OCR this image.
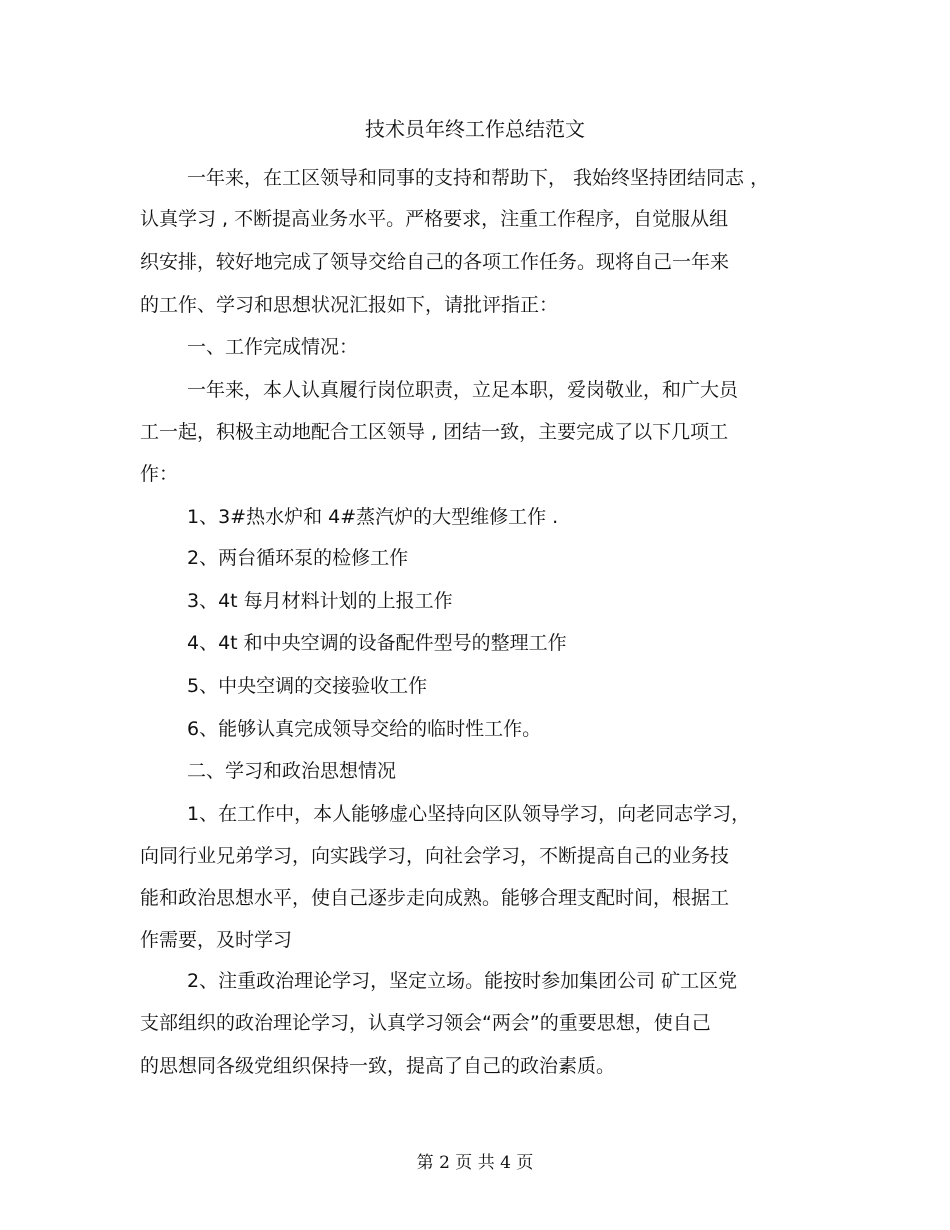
技术员年终工作总结范文
一年来，在工区领导和同事的支持和帮助下， 我始终坚持团结同志 ，
认真学习 , 不断提高业务水平。严格要求，注重工作程序，自觉服从组
织安排，较好地完成了领导交给自己的各项工作任务。现将自己一年来
的工作、学习和思想状况汇报如下，请批评指正：
一、工作完成情况：
一年来，本人认真履行岗位职责，立足本职，爱岗敬业，和广大员
工一起，积极主动地配合工区领导 , 团结一致，主要完成了以下几项工
作：
1、3#热水炉和 4#蒸汽炉的大型维修工作 .
2、两台循环泵的检修工作
3、4t 每月材料计划的上报工作
4、4t 和中央空调的设备配件型号的整理工作
5、中央空调的交接验收工作
6、能够认真完成领导交给的临时性工作。
二、学习和政治思想情况
1、在工作中，本人能够虚心坚持向区队领导学习，向老同志学习，
向同行业兄弟学习，向实践学习，向社会学习，不断提高自己的业务技
能和政治思想水平，使自己逐步走向成熟。能够合理支配时间，根据工
作需要，及时学习
2、注重政治理论学习，坚定立场。能按时参加集团公司 矿工区党
支部组织的政治理论学习，认真学习领会“两会”的重要思想，使自己
的思想同各级党组织保持一致，提高了自己的政治素质。
第 2 页 共 4 页
